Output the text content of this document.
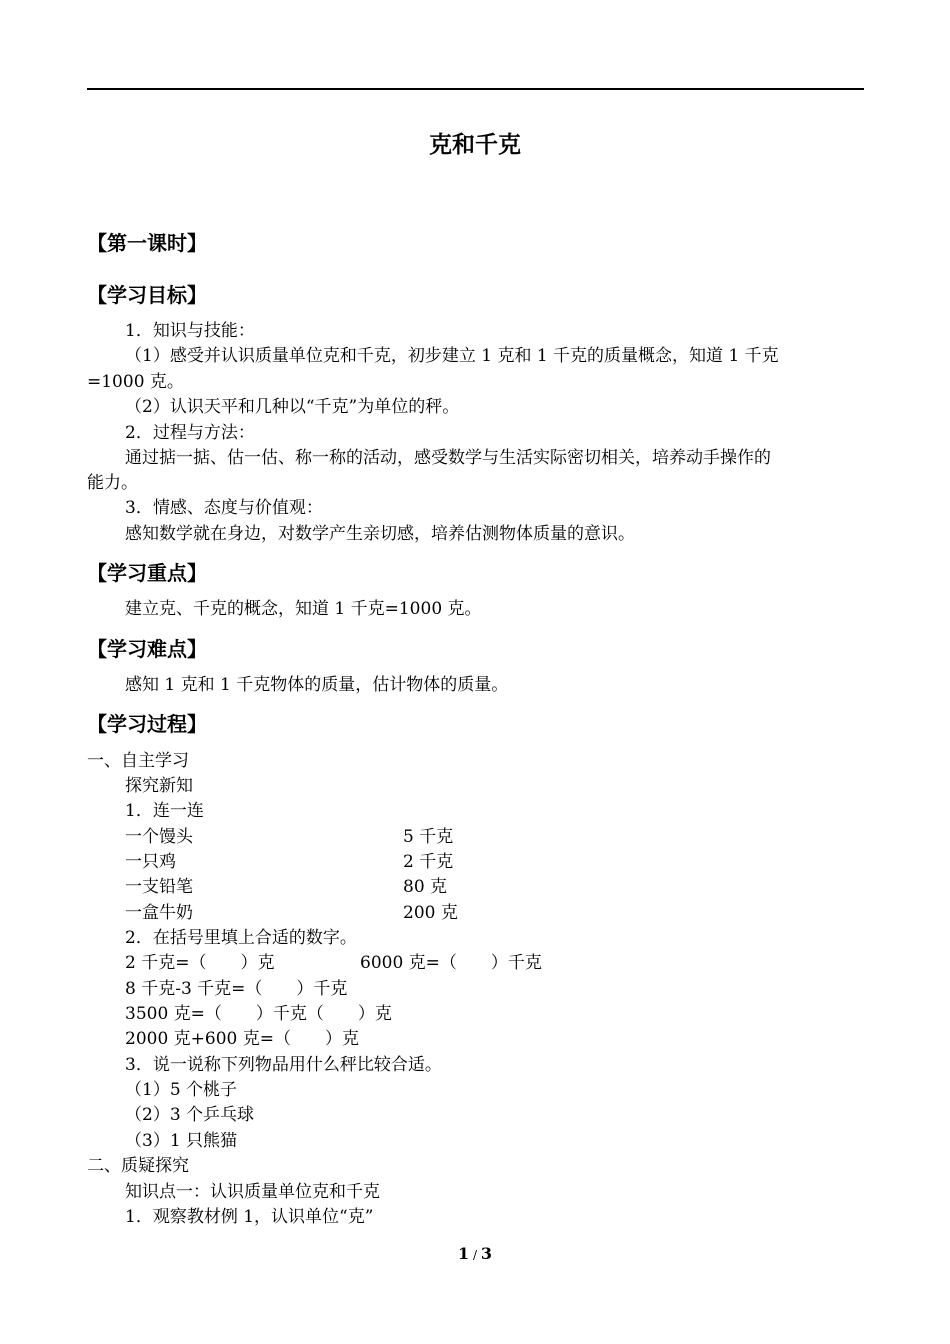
克和千克
【第一课时】
【学习目标】
1．知识与技能：
（1）感受并认识质量单位克和千克，初步建立 1 克和 1 千克的质量概念，知道 1 千克
=1000 克。
（2）认识天平和几种以“千克”为单位的秤。
2．过程与方法：
通过掂一掂、估一估、称一称的活动，感受数学与生活实际密切相关，培养动手操作的
能力。
3．情感、态度与价值观：
感知数学就在身边，对数学产生亲切感，培养估测物体质量的意识。
【学习重点】
建立克、千克的概念，知道 1 千克=1000 克。
【学习难点】
感知 1 克和 1 千克物体的质量，估计物体的质量。
【学习过程】
一、自主学习
探究新知
1．连一连
一个馒头	5 千克
一只鸡	2 千克
一支铅笔	80 克
一盒牛奶	200 克
2．在括号里填上合适的数字。
2 千克=（　　）克	6000 克=（　　）千克
8 千克-3 千克=（　　）千克
3500 克=（　　）千克（　　）克
2000 克+600 克=（　　）克
3．说一说称下列物品用什么秤比较合适。
（1）5 个桃子
（2）3 个乒乓球
（3）1 只熊猫
二、质疑探究
知识点一：认识质量单位克和千克
1．观察教材例 1，认识单位“克”
1 / 3
